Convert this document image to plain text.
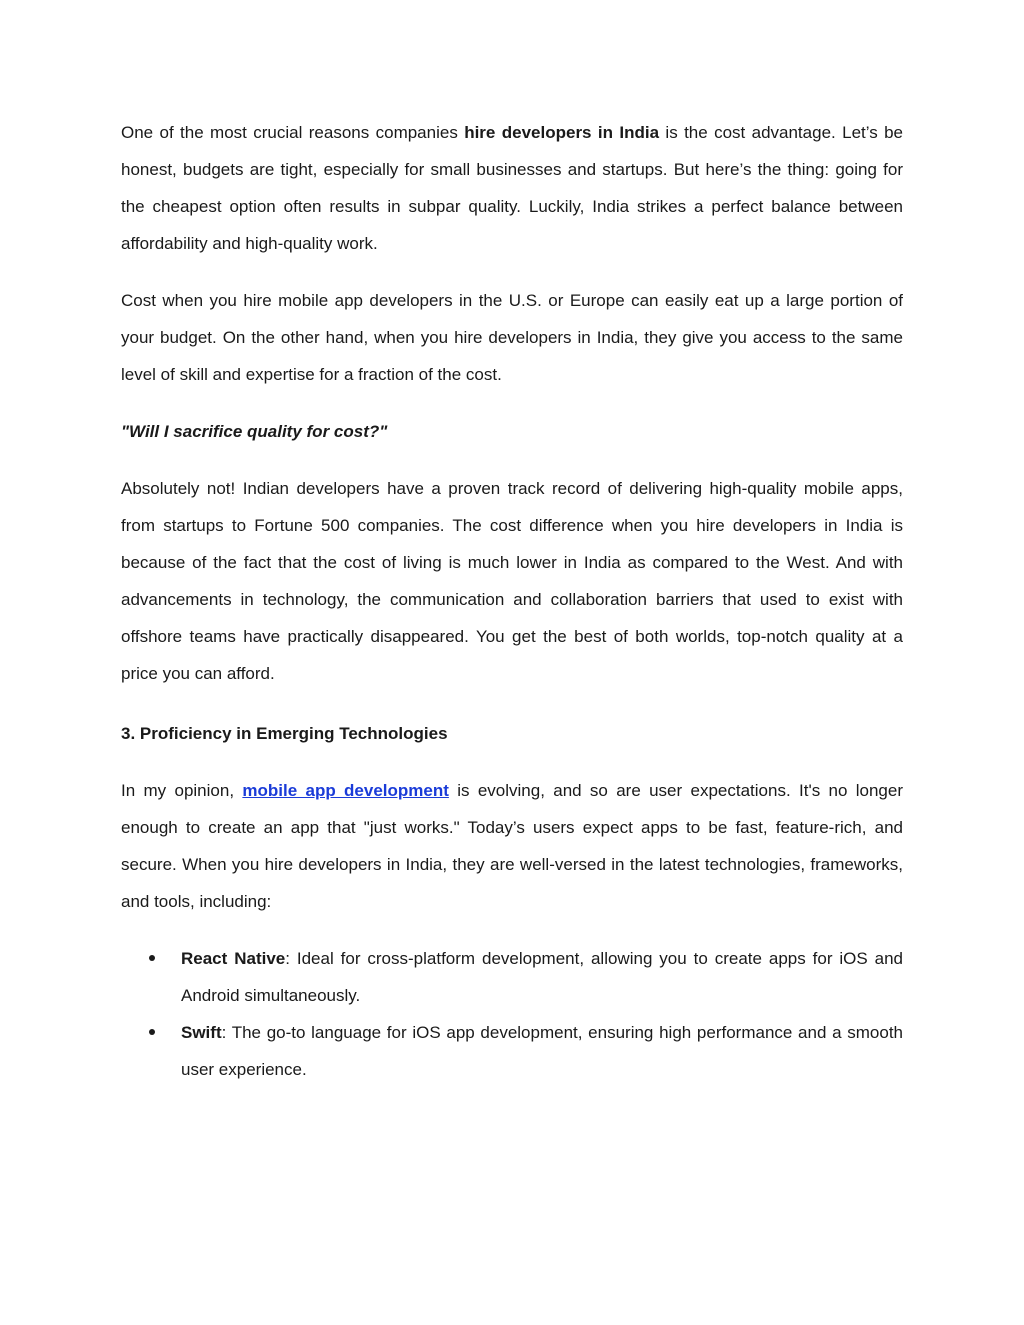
One of the most crucial reasons companies hire developers in India is the cost advantage. Let’s be honest, budgets are tight, especially for small businesses and startups. But here’s the thing: going for the cheapest option often results in subpar quality. Luckily, India strikes a perfect balance between affordability and high-quality work.

Cost when you hire mobile app developers in the U.S. or Europe can easily eat up a large portion of your budget. On the other hand, when you hire developers in India, they give you access to the same level of skill and expertise for a fraction of the cost.

"Will I sacrifice quality for cost?"

Absolutely not! Indian developers have a proven track record of delivering high-quality mobile apps, from startups to Fortune 500 companies. The cost difference when you hire developers in India is because of the fact that the cost of living is much lower in India as compared to the West. And with advancements in technology, the communication and collaboration barriers that used to exist with offshore teams have practically disappeared. You get the best of both worlds, top-notch quality at a price you can afford.

3. Proficiency in Emerging Technologies

In my opinion, mobile app development is evolving, and so are user expectations. It's no longer enough to create an app that "just works." Today’s users expect apps to be fast, feature-rich, and secure. When you hire developers in India, they are well-versed in the latest technologies, frameworks, and tools, including:

React Native: Ideal for cross-platform development, allowing you to create apps for iOS and Android simultaneously.
Swift: The go-to language for iOS app development, ensuring high performance and a smooth user experience.
